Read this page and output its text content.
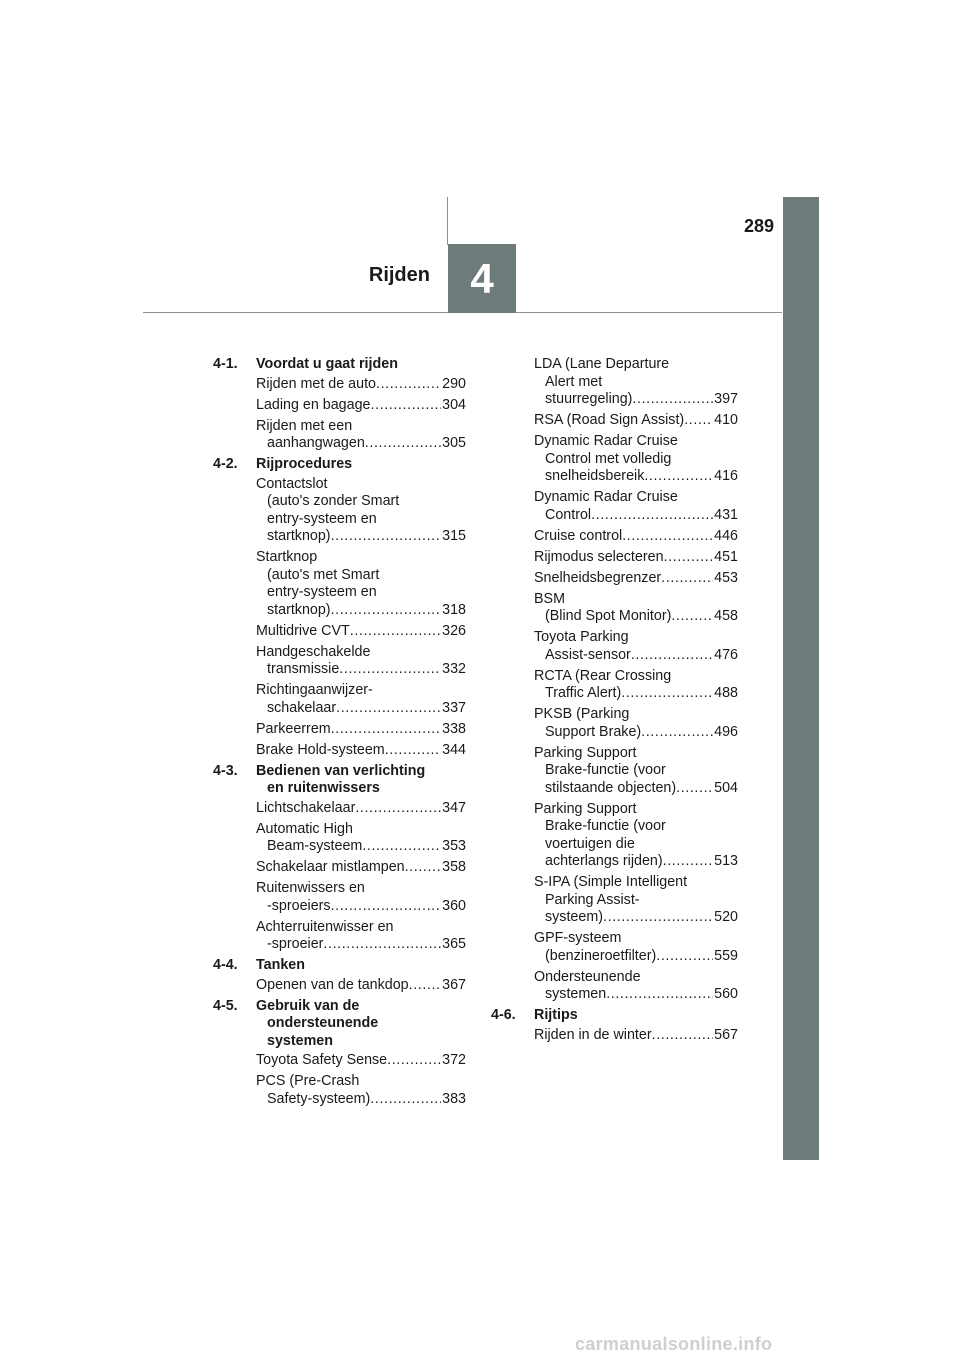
289
4
Rijden
4-1.	Voordat u gaat rijden
Rijden met de auto .....	290
Lading en bagage .....	304
Rijden met een
aanhangwagen .....	305
4-2.	Rijprocedures
Contactslot
(auto's zonder Smart
entry-systeem en
startknop) .....	315
Startknop
(auto's met Smart
entry-systeem en
startknop) .....	318
Multidrive CVT .....	326
Handgeschakelde
transmissie .....	332
Richtingaanwijzer-
schakelaar .....	337
Parkeerrem .....	338
Brake Hold-systeem .....	344
4-3.	Bedienen van verlichting
en ruitenwissers
Lichtschakelaar .....	347
Automatic High
Beam-systeem .....	353
Schakelaar mistlampen .....	358
Ruitenwissers en
-sproeiers .....	360
Achterruitenwisser en
-sproeier .....	365
4-4.	Tanken
Openen van de tankdop ..... 367
4-5.	Gebruik van de
ondersteunende
systemen
Toyota Safety Sense .....	372
PCS (Pre-Crash
Safety-systeem) .....	383
LDA (Lane Departure
Alert met
stuurregeling) .....	397
RSA (Road Sign Assist) ..... 410
Dynamic Radar Cruise
Control met volledig
snelheidsbereik .....	416
Dynamic Radar Cruise
Control .....	431
Cruise control .....	446
Rijmodus selecteren .....	451
Snelheidsbegrenzer .....	453
BSM
(Blind Spot Monitor) .....	458
Toyota Parking
Assist-sensor .....	476
RCTA (Rear Crossing
Traffic Alert) .....	488
PKSB (Parking
Support Brake) .....	496
Parking Support
Brake-functie (voor
stilstaande objecten) .....	504
Parking Support
Brake-functie (voor
voertuigen die
achterlangs rijden) .....	513
S-IPA (Simple Intelligent
Parking Assist-
systeem) .....	520
GPF-systeem
(benzineroetfilter) .....	559
Ondersteunende
systemen .....	560
4-6.	Rijtips
Rijden in de winter .....	567
carmanualsonline.info
